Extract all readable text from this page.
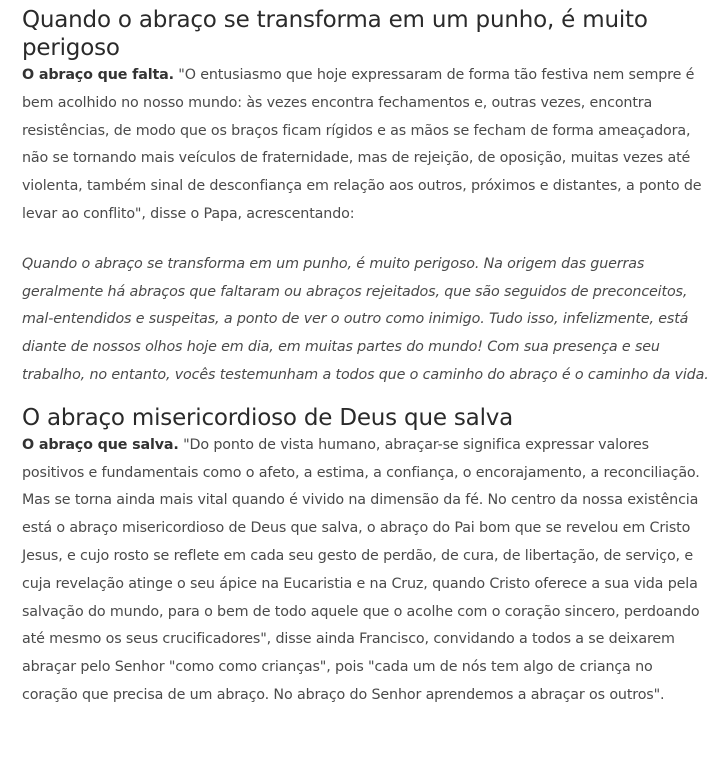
Quando o abraço se transforma em um punho, é muito perigoso

O abraço que falta. "O entusiasmo que hoje expressaram de forma tão festiva nem sempre é bem acolhido no nosso mundo: às vezes encontra fechamentos e, outras vezes, encontra resistências, de modo que os braços ficam rígidos e as mãos se fecham de forma ameaçadora, não se tornando mais veículos de fraternidade, mas de rejeição, de oposição, muitas vezes até violenta, também sinal de desconfiança em relação aos outros, próximos e distantes, a ponto de levar ao conflito", disse o Papa, acrescentando:

Quando o abraço se transforma em um punho, é muito perigoso. Na origem das guerras geralmente há abraços que faltaram ou abraços rejeitados, que são seguidos de preconceitos, mal-entendidos e suspeitas, a ponto de ver o outro como inimigo. Tudo isso, infelizmente, está diante de nossos olhos hoje em dia, em muitas partes do mundo! Com sua presença e seu trabalho, no entanto, vocês testemunham a todos que o caminho do abraço é o caminho da vida.

O abraço misericordioso de Deus que salva

O abraço que salva. "Do ponto de vista humano, abraçar-se significa expressar valores positivos e fundamentais como o afeto, a estima, a confiança, o encorajamento, a reconciliação. Mas se torna ainda mais vital quando é vivido na dimensão da fé. No centro da nossa existência está o abraço misericordioso de Deus que salva, o abraço do Pai bom que se revelou em Cristo Jesus, e cujo rosto se reflete em cada seu gesto de perdão, de cura, de libertação, de serviço, e cuja revelação atinge o seu ápice na Eucaristia e na Cruz, quando Cristo oferece a sua vida pela salvação do mundo, para o bem de todo aquele que o acolhe com o coração sincero, perdoando até mesmo os seus crucificadores", disse ainda Francisco, convidando a todos a se deixarem abraçar pelo Senhor "como como crianças", pois "cada um de nós tem algo de criança no coração que precisa de um abraço. No abraço do Senhor aprendemos a abraçar os outros".
